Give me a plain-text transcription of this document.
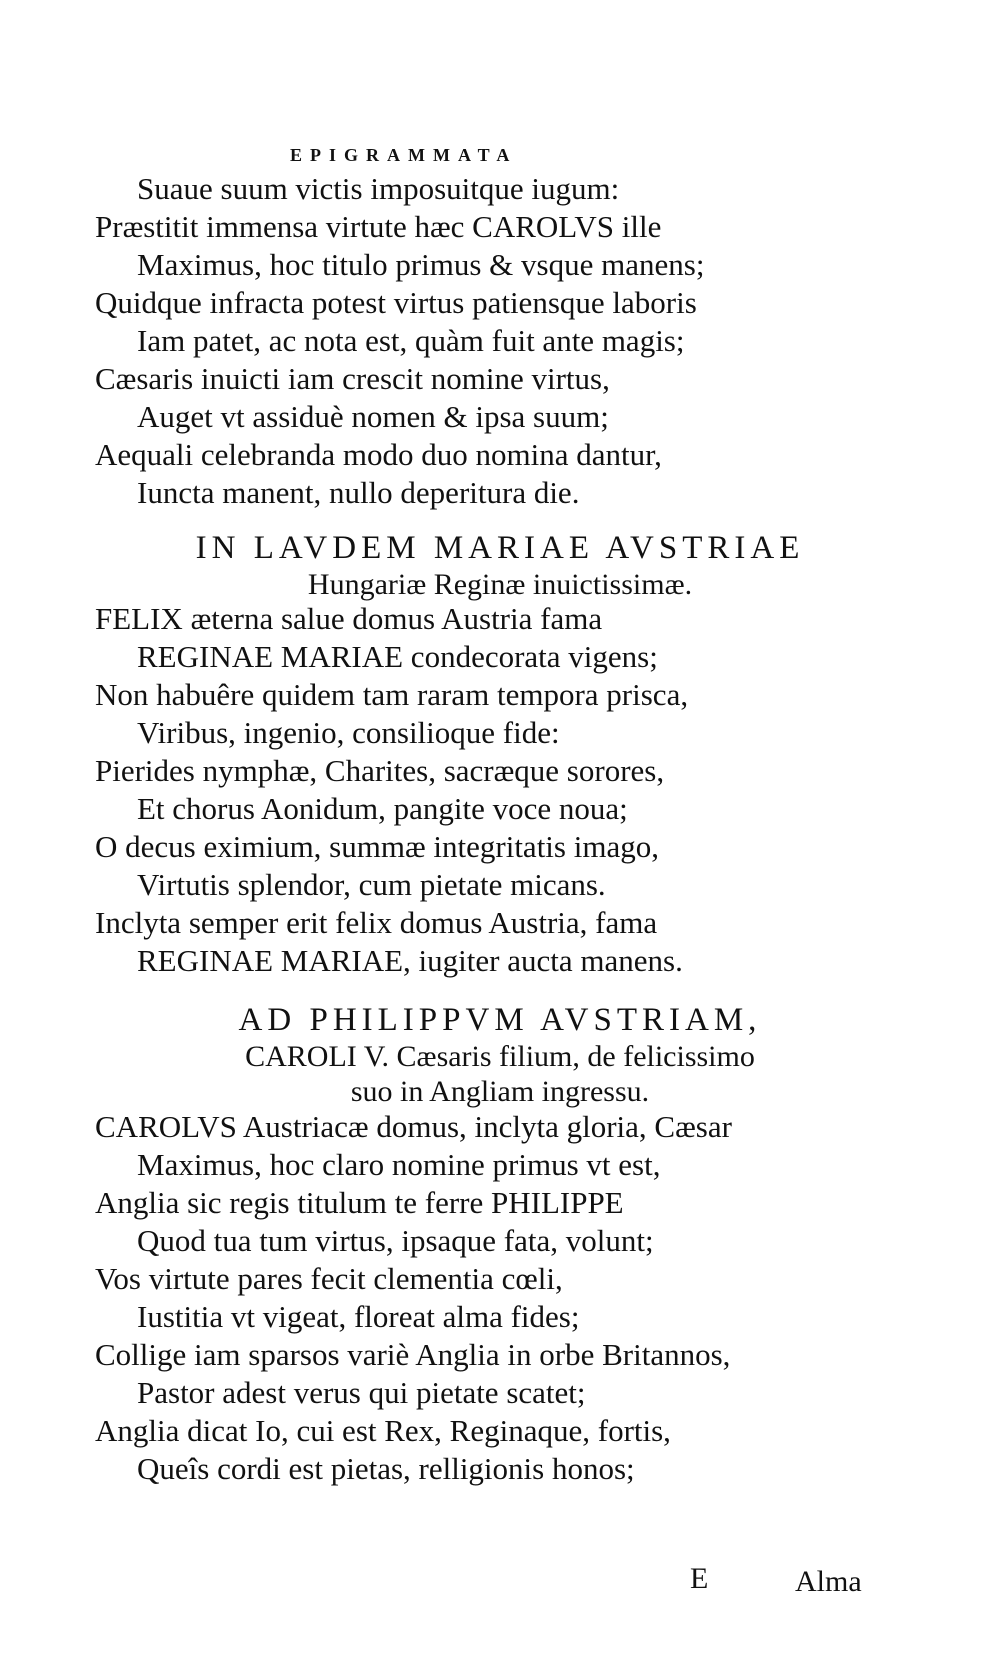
EPIGRAMMATA
Suaue suum victis imposuitque iugum:
Præstitit immensa virtute hæc CAROLVS ille
Maximus, hoc titulo primus & vsque manens;
Quidque infracta potest virtus patiensque laboris
Iam patet, ac nota est, quàm fuit ante magis;
Cæsaris inuicti iam crescit nomine virtus,
Auget vt assiduè nomen & ipsa suum;
Aequali celebranda modo duo nomina dantur,
Iuncta manent, nullo deperitura die.
IN LAVDEM MARIAE AVSTRIAE
Hungariæ Reginæ inuictissimæ.
FELIX æterna salue domus Austria fama
REGINAE MARIAE condecorata vigens;
Non habuêre quidem tam raram tempora prisca,
Viribus, ingenio, consilioque fide:
Pierides nymphæ, Charites, sacræque sorores,
Et chorus Aonidum, pangite voce noua;
O decus eximium, summæ integritatis imago,
Virtutis splendor, cum pietate micans.
Inclyta semper erit felix domus Austria, fama
REGINAE MARIAE, iugiter aucta manens.
AD PHILIPPVM AVSTRIAM,
CAROLI V. Cæsaris filium, de felicissimo
suo in Angliam ingressu.
CAROLVS Austriacæ domus, inclyta gloria, Cæsar
Maximus, hoc claro nomine primus vt est,
Anglia sic regis titulum te ferre PHILIPPE
Quod tua tum virtus, ipsaque fata, volunt;
Vos virtute pares fecit clementia cœli,
Iustitia vt vigeat, floreat alma fides;
Collige iam sparsos variè Anglia in orbe Britannos,
Pastor adest verus qui pietate scatet;
Anglia dicat Io, cui est Rex, Reginaque, fortis,
Queîs cordi est pietas, relligionis honos;
E	Alma
